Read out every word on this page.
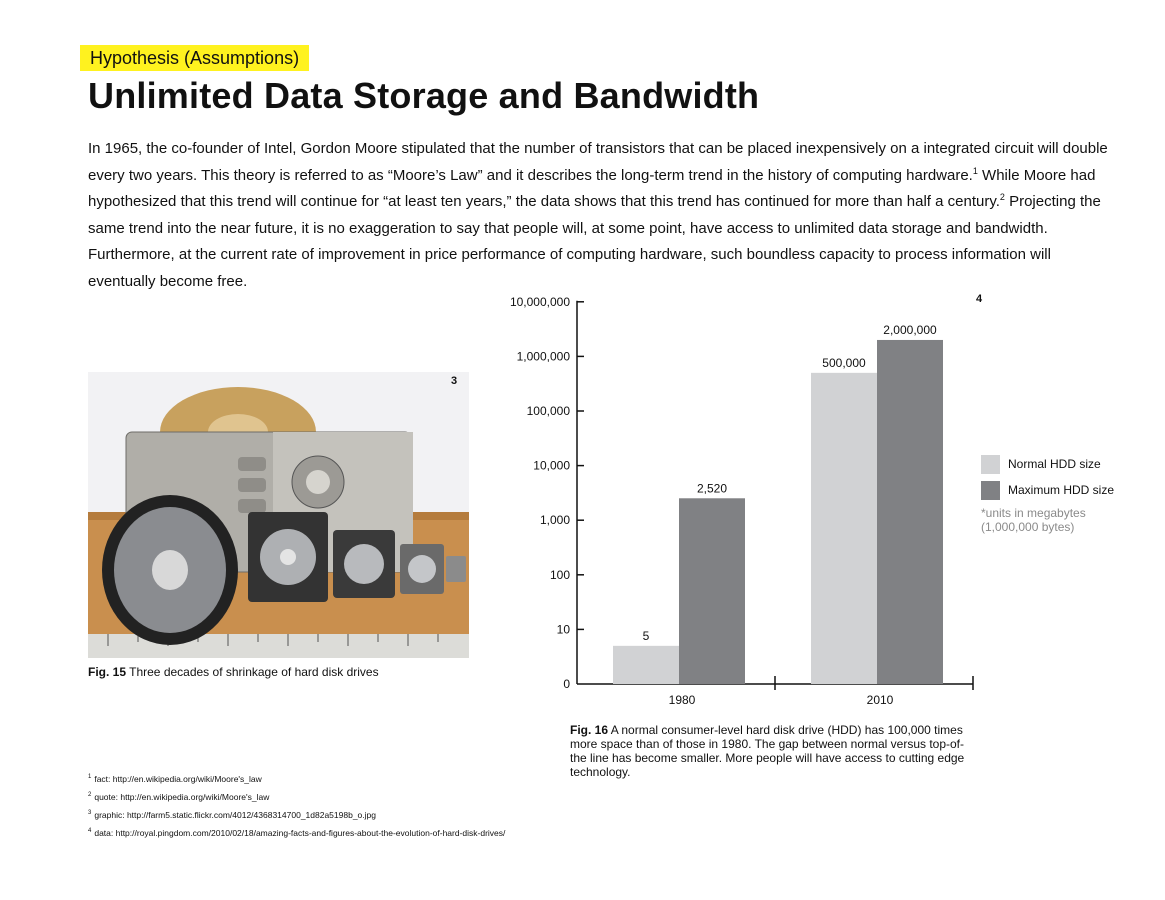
Hypothesis (Assumptions)
Unlimited Data Storage and Bandwidth

In 1965, the co-founder of Intel, Gordon Moore stipulated that the number of transistors that can be placed inexpensively on a integrated circuit will double every two years. This theory is referred to as “Moore’s Law” and it describes the long-term trend in the history of computing hardware.$^1$ While Moore had hypothesized that this trend will continue for “at least ten years,” the data shows that this trend has continued for more than half a century.$^2$ Projecting the same trend into the near future, it is no exaggeration to say that people will, at some point, have access to unlimited data storage and bandwidth. Furthermore, at the current rate of improvement in price performance of computing hardware, such boundless capacity to process information will eventually become free.

3
Fig. 15 Three decades of shrinkage of hard disk drives
4
0
10
100
1,000
10,000
100,000
1,000,000
10,000,000
1980	2010
5
500,000
2,520
2,000,000
Normal HDD size
Maximum HDD size
*units in megabytes (1,000,000 bytes)
Fig. 16 A normal consumer-level hard disk drive (HDD) has 100,000 times more space than of those in 1980. The gap between normal versus top-of-the line has become smaller. More people will have access to cutting edge technology.
$^1$ fact: http://en.wikipedia.org/wiki/Moore's_law
$^2$ quote: http://en.wikipedia.org/wiki/Moore's_law
$^3$ graphic: http://farm5.static.flickr.com/4012/4368314700_1d82a5198b_o.jpg
$^4$ data: http://royal.pingdom.com/2010/02/18/amazing-facts-and-figures-about-the-evolution-of-hard-disk-drives/
